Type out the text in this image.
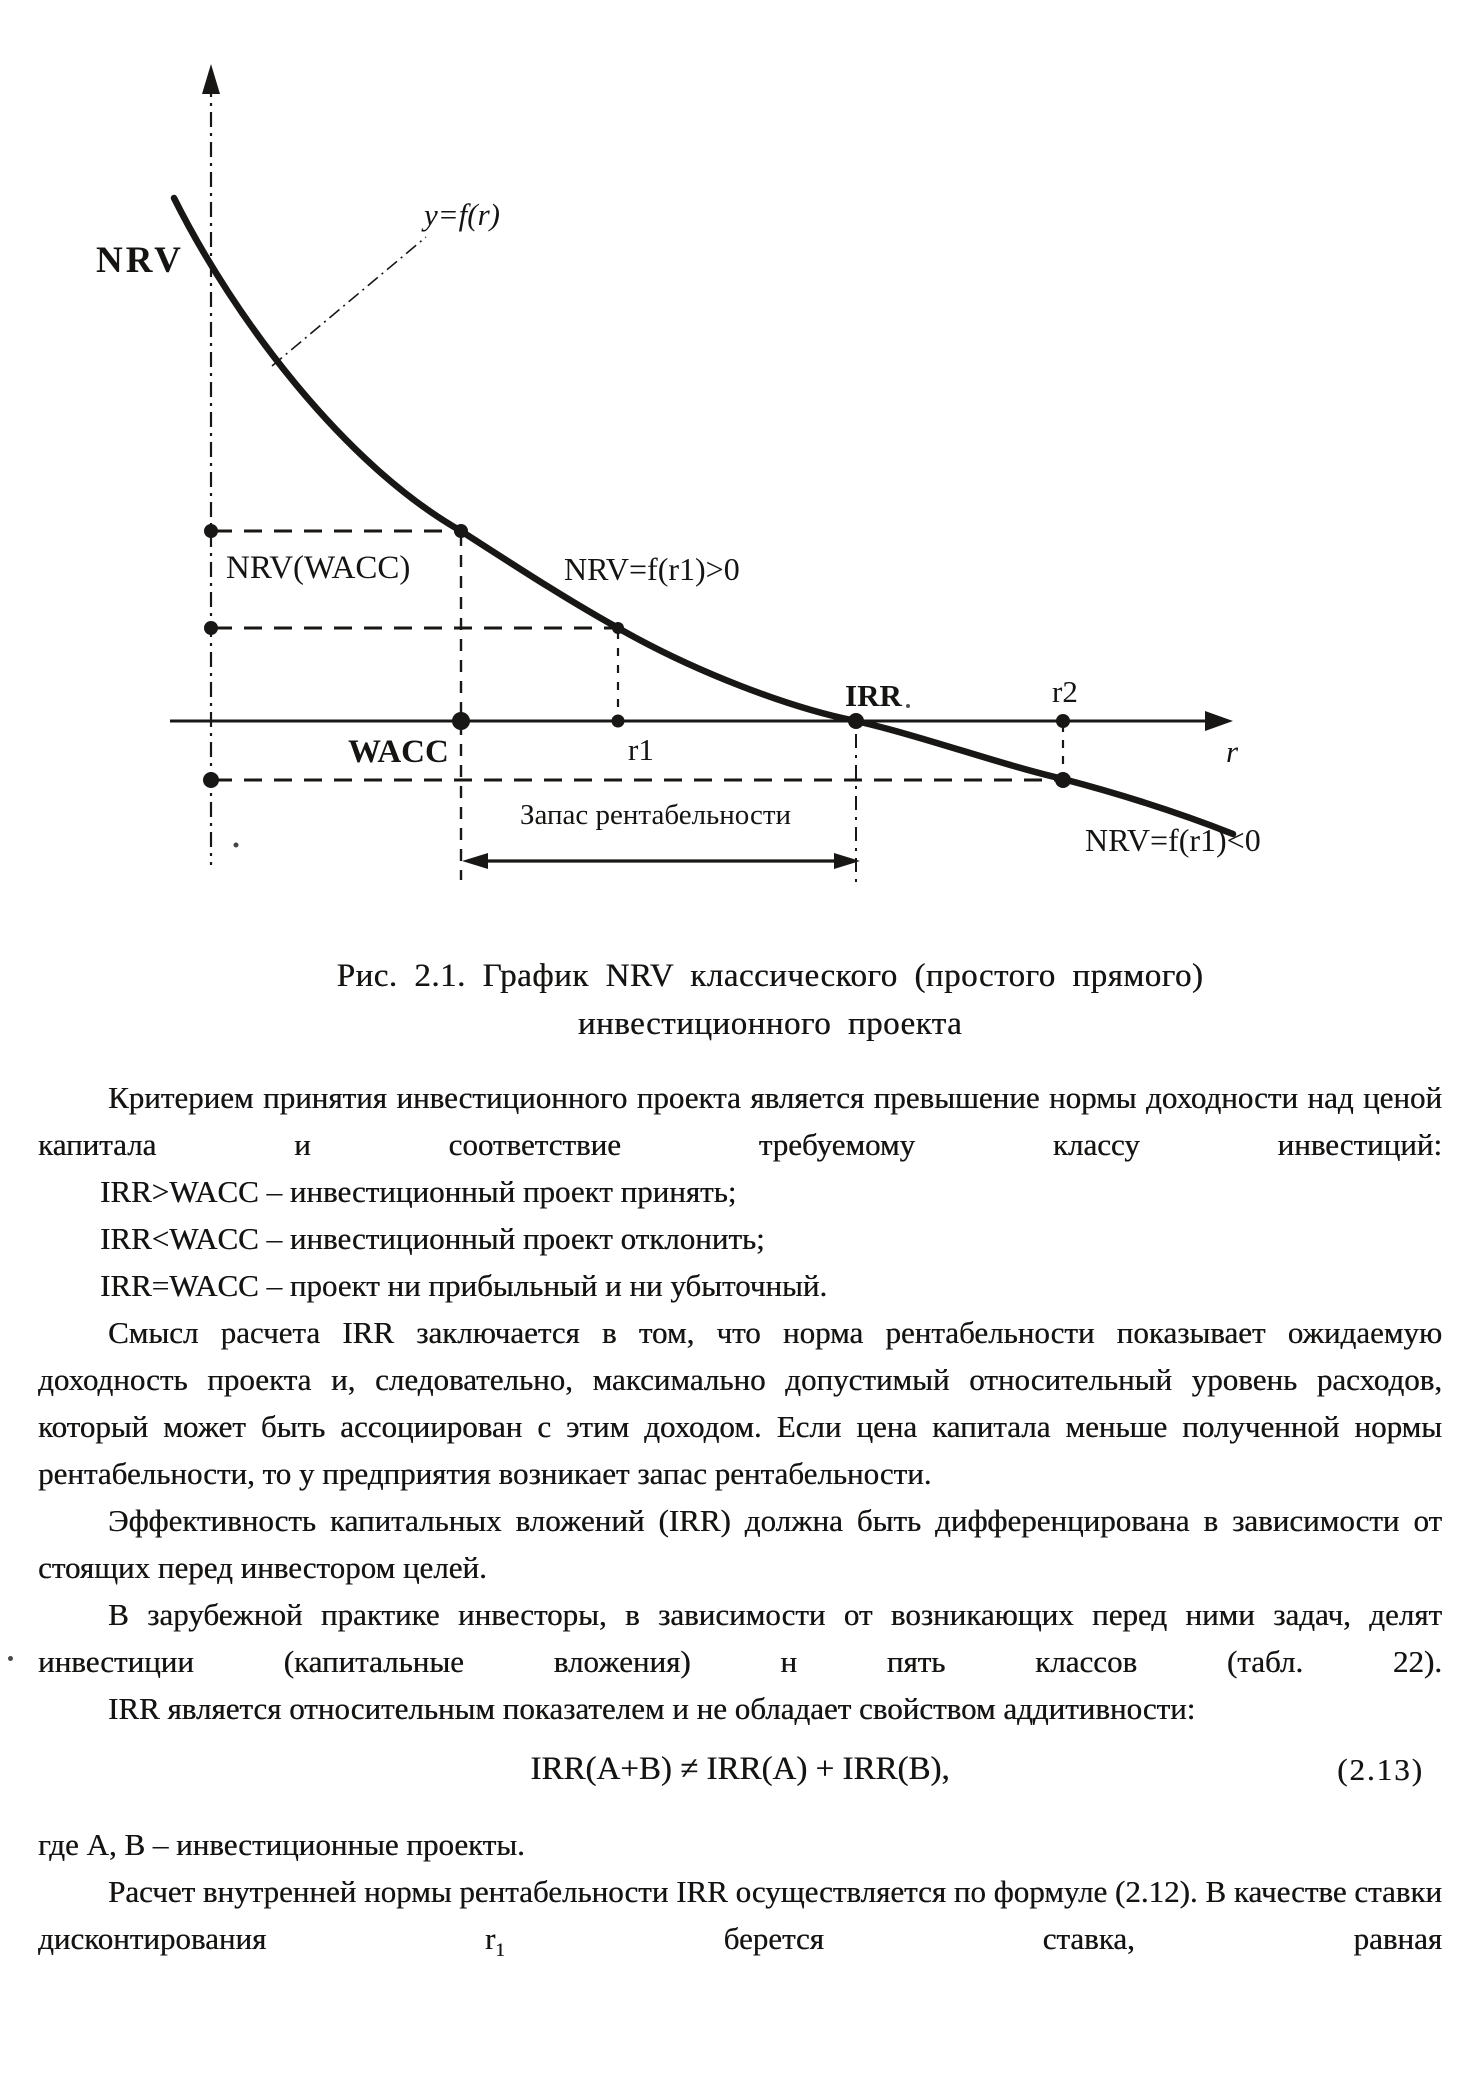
NRV
y=f(r)
NRV(WACC)	NRV=f(r1)>0
WACC	r1
IRR	r2
r
Запас рентабельности
NRV=f(r1)<0
Рис. 2.1. График NRV классического (простого прямого)
инвестиционного проекта

Критерием принятия инвестиционного проекта является превышение нормы доходности над ценой капитала и соответствие требуемому классу инвестиций:

IRR>WACC – инвестиционный проект принять;

IRR<WACC – инвестиционный проект отклонить;

IRR=WACC – проект ни прибыльный и ни убыточный.

Смысл расчета IRR заключается в том, что норма рентабельности показывает ожидаемую доходность проекта и, следовательно, максимально допустимый относительный уровень расходов, который может быть ассоциирован с этим доходом. Если цена капитала меньше полученной нормы рентабельности, то у предприятия возникает запас рентабельности.

Эффективность капитальных вложений (IRR) должна быть дифференцирована в зависимости от стоящих перед инвестором целей.

В зарубежной практике инвесторы, в зависимости от возникающих перед ними задач, делят инвестиции (капитальные вложения) н пять классов (табл. 22).

IRR является относительным показателем и не обладает свойством аддитивности:

IRR(A+B) ≠ IRR(A) + IRR(B),	(2.13)

где А, В – инвестиционные проекты.

Расчет внутренней нормы рентабельности IRR осуществляется по формуле (2.12). В качестве ставки дисконтирования $r_1$ берется ставка, равная
